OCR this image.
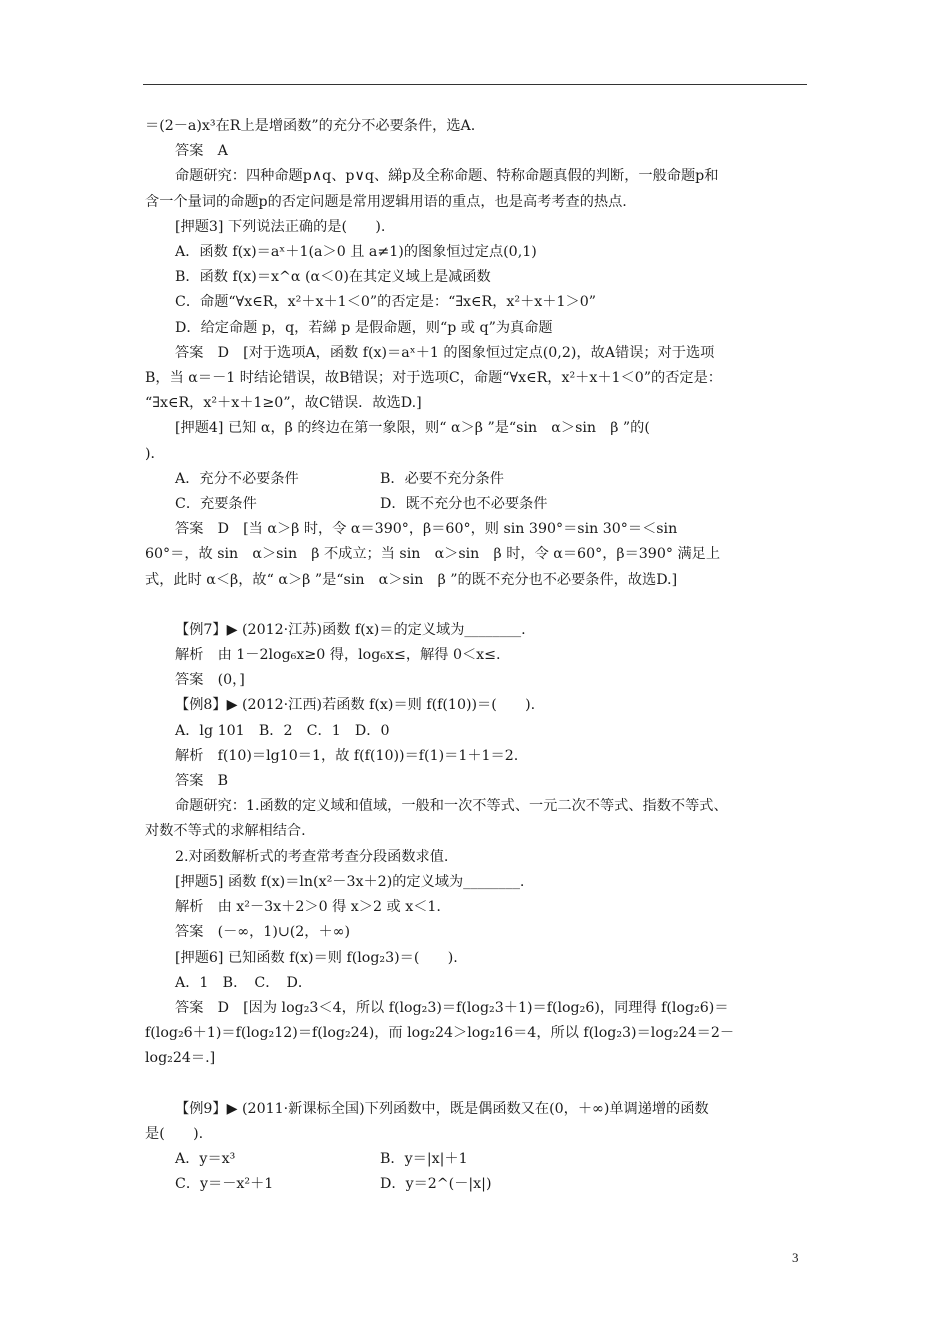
＝(2－a)x³在R上是增函数”的充分不必要条件，选A.
答案　A
命题研究：四种命题p∧q、p∨q、綈p及全称命题、特称命题真假的判断，一般命题p和
含一个量词的命题p的否定问题是常用逻辑用语的重点，也是高考考查的热点.
[押题3] 下列说法正确的是(　　).
A．函数 f(x)＝aˣ＋1(a＞0 且 a≠1)的图象恒过定点(0,1)
B．函数 f(x)＝x^α (α＜0)在其定义域上是减函数
C．命题“∀x∈R，x²＋x＋1＜0”的否定是：“∃x∈R，x²＋x＋1＞0”
D．给定命题 p，q，若綈 p 是假命题，则“p 或 q”为真命题
答案　D　[对于选项A，函数 f(x)＝aˣ＋1 的图象恒过定点(0,2)，故A错误；对于选项
B，当 α＝－1 时结论错误，故B错误；对于选项C，命题“∀x∈R，x²＋x＋1＜0”的否定是：
“∃x∈R，x²＋x＋1≥0”，故C错误．故选D.]
[押题4] 已知 α，β 的终边在第一象限，则“ α＞β ”是“sin　α＞sin　β ”的(
)．
A．充分不必要条件	B．必要不充分条件
C．充要条件	D．既不充分也不必要条件
答案　D　[当 α＞β 时，令 α＝390°，β＝60°，则 sin 390°＝sin 30°＝＜sin
60°＝，故 sin　α＞sin　β 不成立；当 sin　α＞sin　β 时，令 α＝60°，β＝390° 满足上
式，此时 α＜β，故“ α＞β ”是“sin　α＞sin　β ”的既不充分也不必要条件，故选D.]
【例7】▶ (2012·江苏)函数 f(x)＝的定义域为________.
解析　由 1－2log₆x≥0 得，log₆x≤，解得 0＜x≤.
答案　(0，]
【例8】▶ (2012·江西)若函数 f(x)＝则 f(f(10))＝(　　).
A．lg 101　B．2　C．1　D．0
解析　f(10)＝lg10＝1，故 f(f(10))＝f(1)＝1＋1＝2.
答案　B
命题研究：1.函数的定义域和值域，一般和一次不等式、一元二次不等式、指数不等式、
对数不等式的求解相结合.
2.对函数解析式的考查常考查分段函数求值.
[押题5] 函数 f(x)＝ln(x²－3x＋2)的定义域为________.
解析　由 x²－3x＋2＞0 得 x＞2 或 x＜1.
答案　(－∞，1)∪(2，＋∞)
[押题6] 已知函数 f(x)＝则 f(log₂3)＝(　　).
A．1　B．　C．　D．
答案　D　[因为 log₂3＜4，所以 f(log₂3)＝f(log₂3＋1)＝f(log₂6)，同理得 f(log₂6)＝
f(log₂6＋1)＝f(log₂12)＝f(log₂24)，而 log₂24＞log₂16＝4，所以 f(log₂3)＝log₂24＝2－
log₂24＝.]
【例9】▶ (2011·新课标全国)下列函数中，既是偶函数又在(0，＋∞)单调递增的函数
是(　　).
A．y＝x³	B．y＝|x|＋1
C．y＝－x²＋1	D．y＝2^(－|x|)
3
